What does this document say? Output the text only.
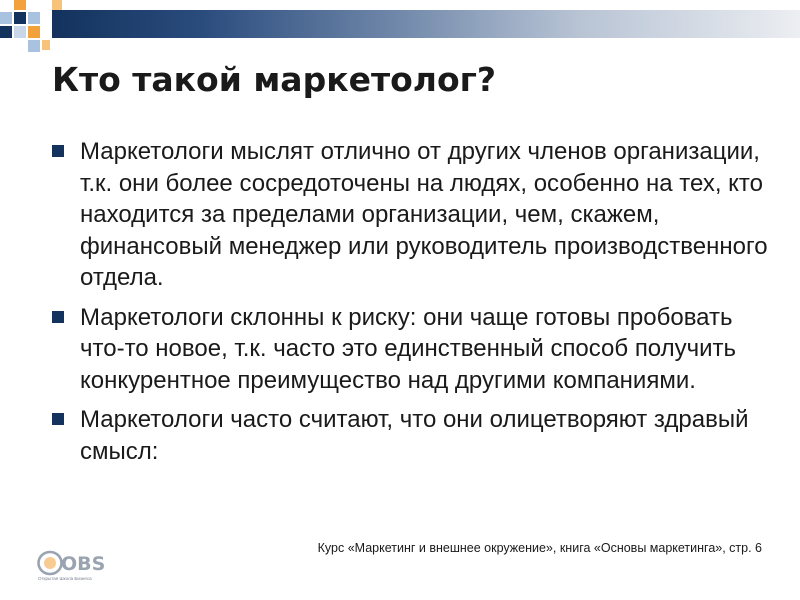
Кто такой маркетолог?
Маркетологи мыслят отлично от других членов организации, т.к. они более сосредоточены на людях, особенно на тех, кто находится за пределами организации, чем, скажем, финансовый менеджер или руководитель производственного отдела.
Маркетологи склонны к риску: они чаще готовы пробовать что-то новое, т.к. часто это единственный способ получить конкурентное преимущество над другими компаниями.
Маркетологи часто считают, что они олицетворяют здравый смысл:
Курс «Маркетинг и внешнее окружение», книга «Основы маркетинга», стр. 6
OBS
Открытая Школа Бизнеса
